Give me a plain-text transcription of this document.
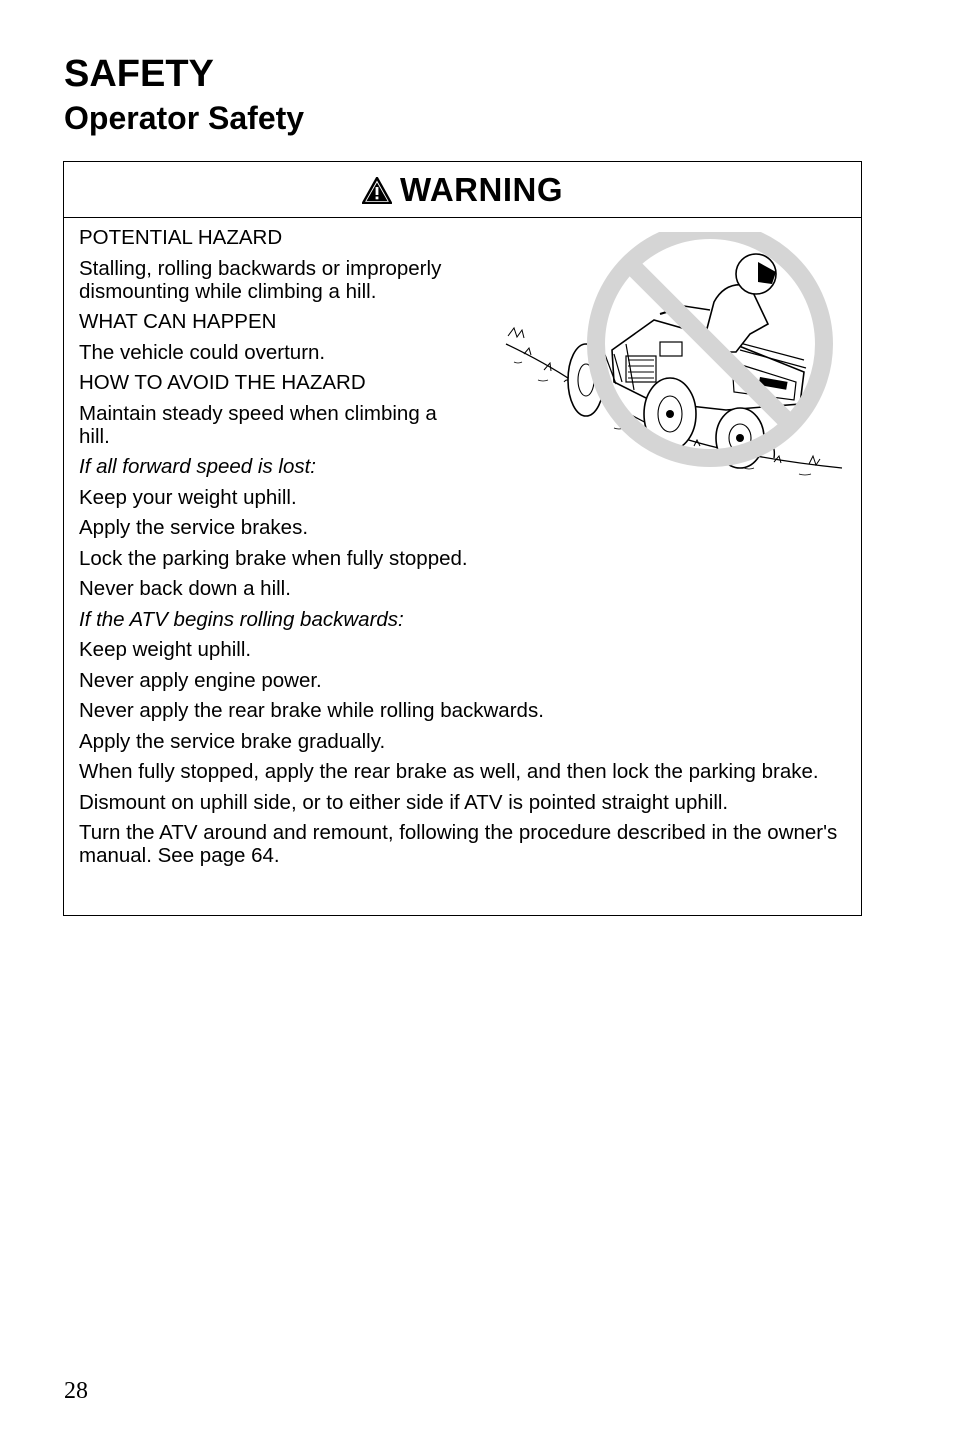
SAFETY
Operator Safety
WARNING

POTENTIAL HAZARD

Stalling, rolling backwards or improperly dismounting while climbing a hill.

WHAT CAN HAPPEN

The vehicle could overturn.

HOW TO AVOID THE HAZARD

Maintain steady speed when climbing a hill.

If all forward speed is lost:

Keep your weight uphill.

Apply the service brakes.

Lock the parking brake when fully stopped.

Never back down a hill.

If the ATV begins rolling backwards:

Keep weight uphill.

Never apply engine power.

Never apply the rear brake while rolling backwards.

Apply the service brake gradually.

When fully stopped, apply the rear brake as well, and then lock the parking brake.

Dismount on uphill side, or to either side if ATV is pointed straight uphill.

Turn the ATV around and remount, following the procedure described in the owner's manual. See page 64.

28
